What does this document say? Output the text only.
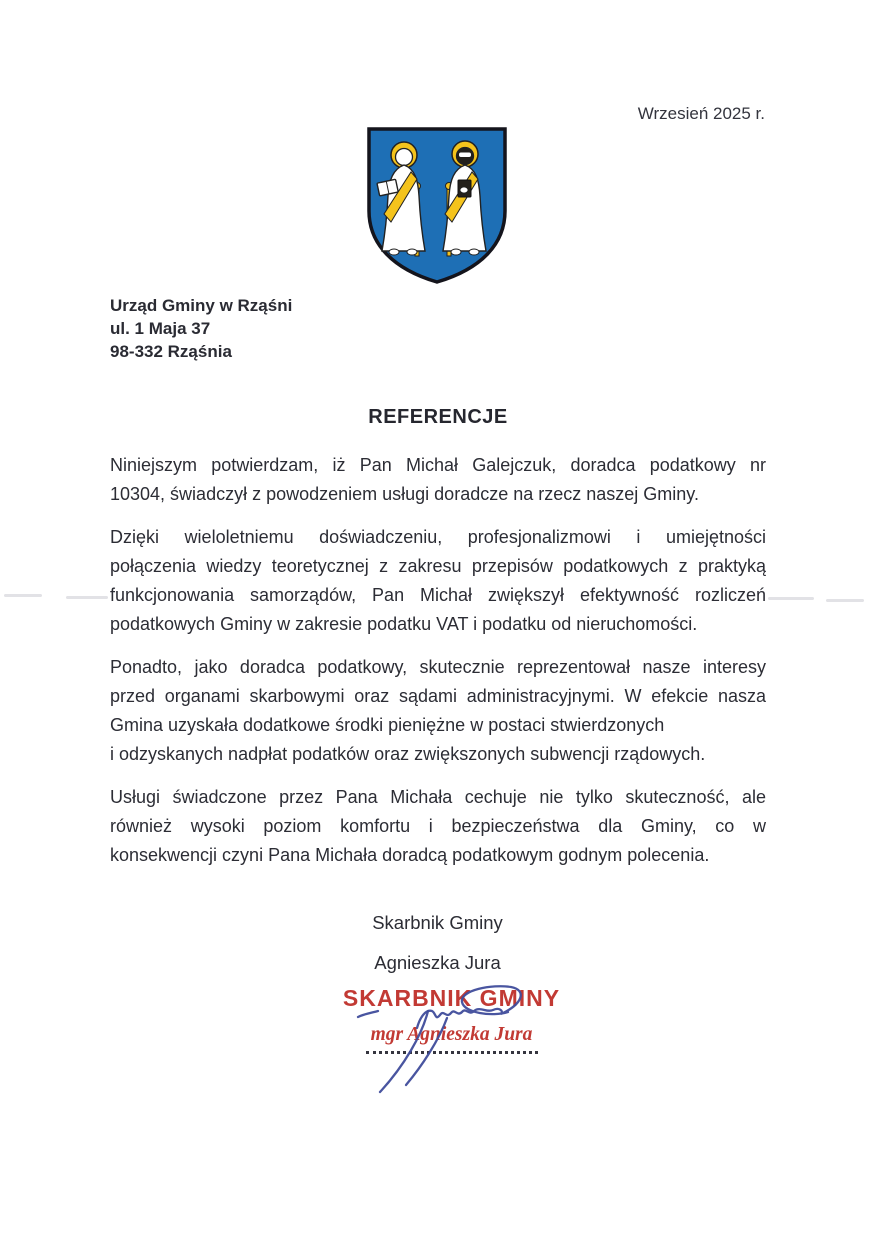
Wrzesień 2025 r.
Urząd Gminy w Rząśni
ul. 1 Maja 37
98-332 Rząśnia
REFERENCJE
Niniejszym potwierdzam, iż Pan Michał Galejczuk, doradca podatkowy nr
10304, świadczył z powodzeniem usługi doradcze na rzecz naszej Gminy.
Dzięki wieloletniemu doświadczeniu, profesjonalizmowi i umiejętności
połączenia wiedzy teoretycznej z zakresu przepisów podatkowych z praktyką
funkcjonowania samorządów, Pan Michał zwiększył efektywność rozliczeń
podatkowych Gminy w zakresie podatku VAT i podatku od nieruchomości.
Ponadto, jako doradca podatkowy, skutecznie reprezentował nasze interesy
przed organami skarbowymi oraz sądami administracyjnymi. W efekcie nasza
Gmina uzyskała dodatkowe środki pieniężne w postaci stwierdzonych
i odzyskanych nadpłat podatków oraz zwiększonych subwencji rządowych.
Usługi świadczone przez Pana Michała cechuje nie tylko skuteczność, ale
również wysoki poziom komfortu i bezpieczeństwa dla Gminy, co w
konsekwencji czyni Pana Michała doradcą podatkowym godnym polecenia.
Skarbnik Gminy
Agnieszka Jura
SKARBNIK GMINY
mgr Agnieszka Jura
